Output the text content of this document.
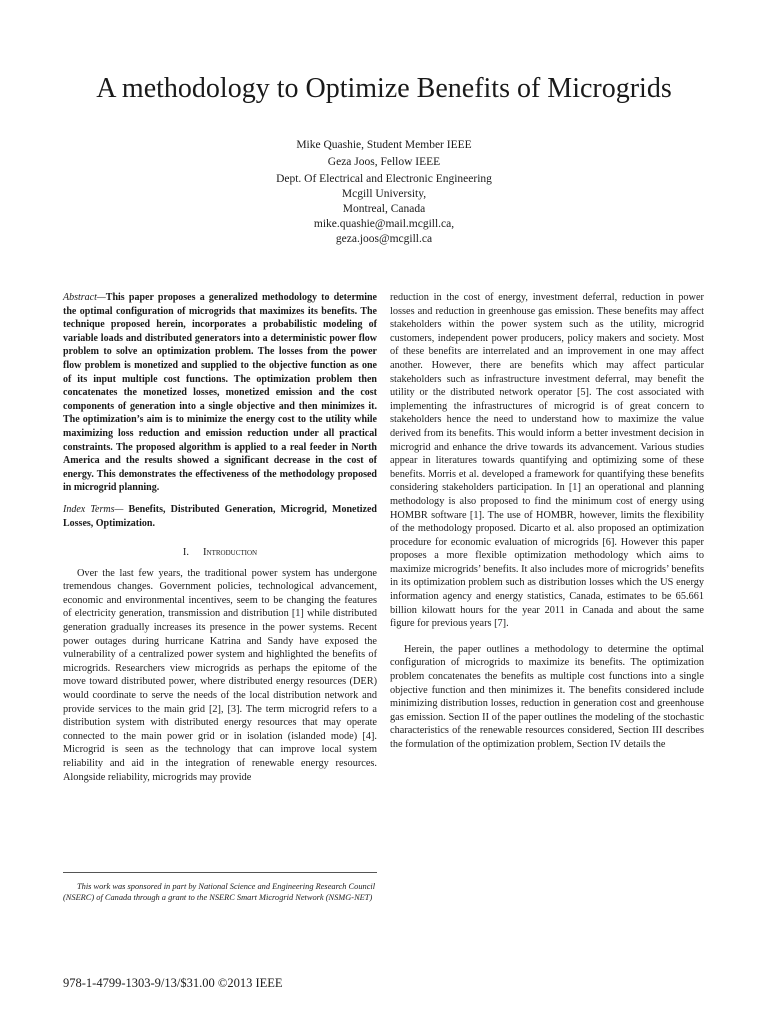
A methodology to Optimize Benefits of Microgrids
Mike Quashie, Student Member IEEE
Geza Joos, Fellow IEEE
Dept. Of Electrical and Electronic Engineering
Mcgill University,
Montreal, Canada
mike.quashie@mail.mcgill.ca,
geza.joos@mcgill.ca

Abstract—This paper proposes a generalized methodology to determine the optimal configuration of microgrids that maximizes its benefits. The technique proposed herein, incorporates a probabilistic modeling of variable loads and distributed generators into a deterministic power flow problem to solve an optimization problem. The losses from the power flow problem is monetized and supplied to the objective function as one of its input multiple cost functions. The optimization problem then concatenates the monetized losses, monetized emission and the cost components of generation into a single objective and then minimizes it. The optimization’s aim is to minimize the energy cost to the utility while maximizing loss reduction and emission reduction under all practical constraints. The proposed algorithm is applied to a real feeder in North America and the results showed a significant decrease in the cost of energy. This demonstrates the effectiveness of the methodology proposed in microgrid planning.

Index Terms— Benefits, Distributed Generation, Microgrid, Monetized Losses, Optimization.

I. Introduction

Over the last few years, the traditional power system has undergone tremendous changes. Government policies, technological advancement, economic and environmental incentives, seem to be changing the features of electricity generation, transmission and distribution [1] while distributed generation gradually increases its presence in the power systems. Recent power outages during hurricane Katrina and Sandy have exposed the vulnerability of a centralized power system and highlighted the benefits of microgrids. Researchers view microgrids as perhaps the epitome of the move toward distributed power, where distributed energy resources (DER) would coordinate to serve the needs of the local distribution network and provide services to the main grid [2], [3]. The term microgrid refers to a distribution system with distributed energy resources that may operate connected to the main power grid or in isolation (islanded mode) [4]. Microgrid is seen as the technology that can improve local system reliability and aid in the integration of renewable energy resources. Alongside reliability, microgrids may provide

reduction in the cost of energy, investment deferral, reduction in power losses and reduction in greenhouse gas emission. These benefits may affect stakeholders within the power system such as the utility, microgrid customers, independent power producers, policy makers and society. Most of these benefits are interrelated and an improvement in one may affect another. However, there are benefits which may affect particular stakeholders such as infrastructure investment deferral, may benefit the utility or the distributed network operator [5]. The cost associated with implementing the infrastructures of microgrid is of great concern to stakeholders hence the need to understand how to maximize the value derived from its benefits. This would inform a better investment decision in microgrid and enhance the drive towards its advancement. Various studies appear in literatures towards quantifying and optimizing some of these benefits. Morris et al. developed a framework for quantifying these benefits considering stakeholders participation. In [1] an operational and planning methodology is also proposed to find the minimum cost of energy using HOMBR software [1]. The use of HOMBR, however, limits the flexibility of the methodology proposed. Dicarto et al. also proposed an optimization procedure for economic evaluation of microgrids [6]. However this paper proposes a more flexible optimization methodology which aims to maximize microgrids’ benefits. It also includes more of microgrids’ benefits in its optimization problem such as distribution losses which the US energy information agency and energy statistics, Canada, estimates to be 65.661 billion kilowatt hours for the year 2011 in Canada and about the same figure for previous years [7].

Herein, the paper outlines a methodology to determine the optimal configuration of microgrids to maximize its benefits. The optimization problem concatenates the benefits as multiple cost functions into a single objective function and then minimizes it. The benefits considered include minimizing distribution losses, reduction in generation cost and greenhouse gas emission. Section II of the paper outlines the modeling of the stochastic characteristics of the renewable resources considered, Section III describes the formulation of the optimization problem, Section IV details the

This work was sponsored in part by National Science and Engineering Research Council (NSERC) of Canada through a grant to the NSERC Smart Microgrid Network (NSMG-NET)

978-1-4799-1303-9/13/$31.00 ©2013 IEEE
